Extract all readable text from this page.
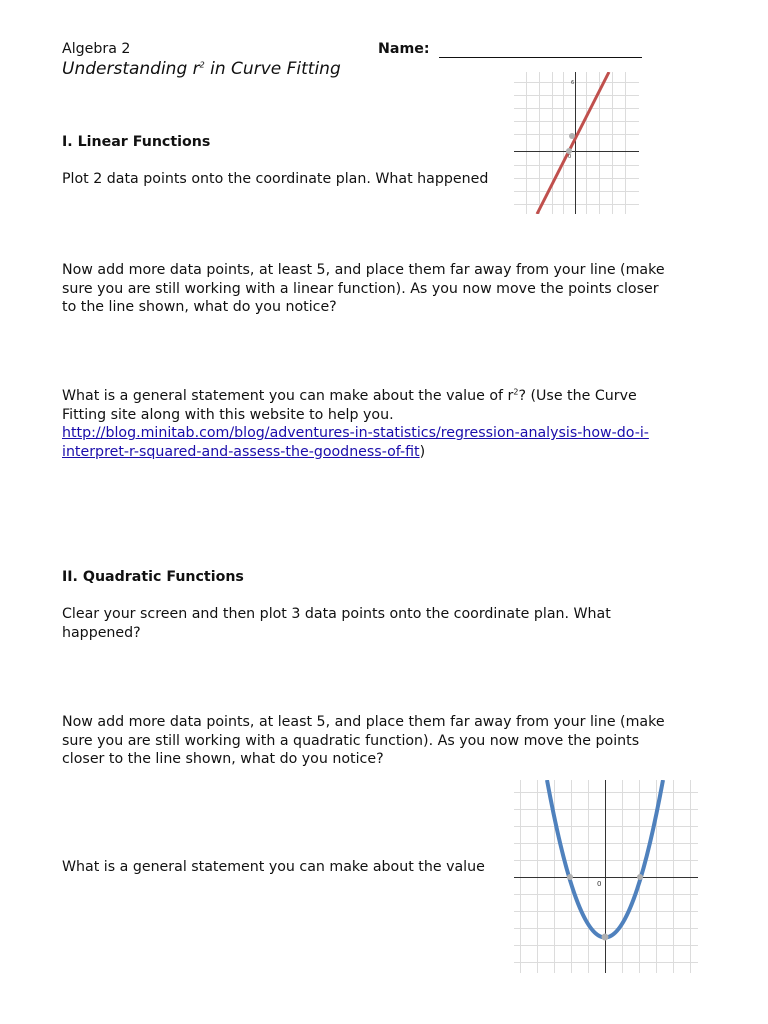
Algebra 2	Name:
Understanding $r^2$ in Curve Fitting
I. Linear Functions
Plot 2 data points onto the coordinate plan. What happened
6
0
Now add more data points, at least 5, and place them far away from your line (make
sure you are still working with a linear function). As you now move the points closer
to the line shown, what do you notice?
What is a general statement you can make about the value of $r^2$? (Use the Curve
Fitting site along with this website to help you.
http://blog.minitab.com/blog/adventures-in-statistics/regression-analysis-how-do-i-
interpret-r-squared-and-assess-the-goodness-of-fit)
II. Quadratic Functions
Clear your screen and then plot 3 data points onto the coordinate plan. What
happened?
Now add more data points, at least 5, and place them far away from your line (make
sure you are still working with a quadratic function). As you now move the points
closer to the line shown, what do you notice?
What is a general statement you can make about the value
0
